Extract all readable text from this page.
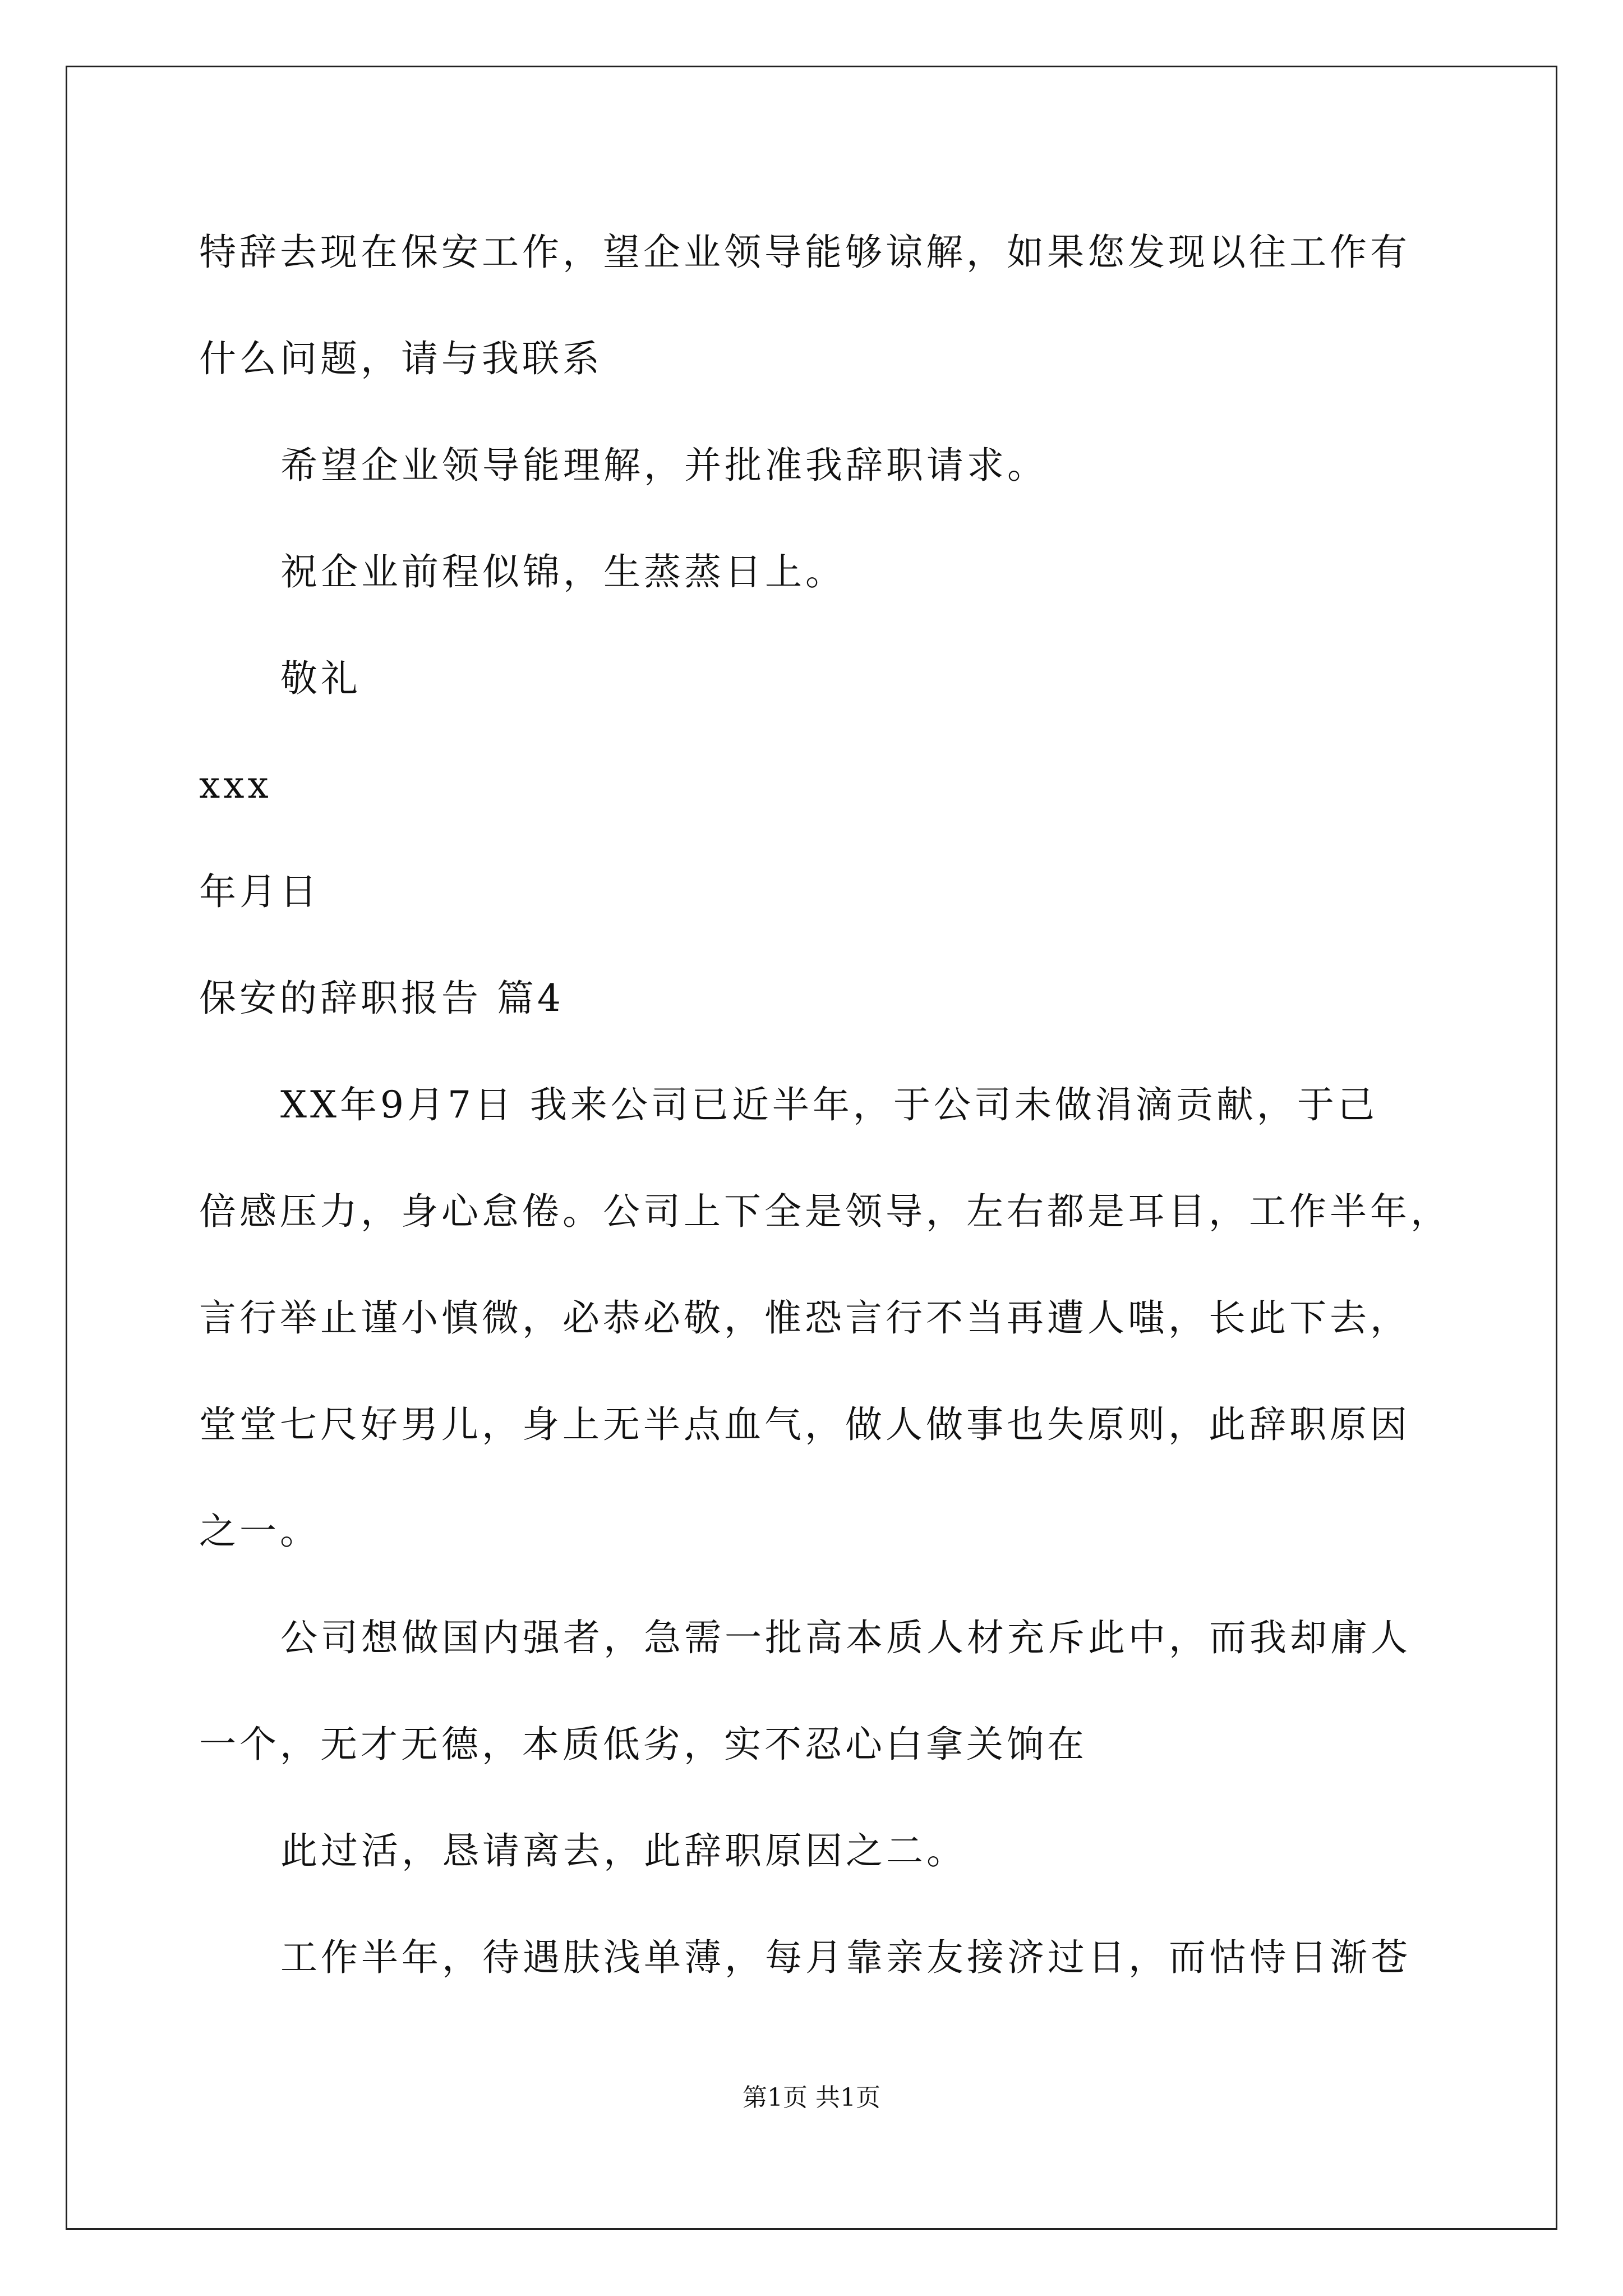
特辞去现在保安工作，望企业领导能够谅解，如果您发现以往工作有
什么问题，请与我联系
希望企业领导能理解，并批准我辞职请求。
祝企业前程似锦，生蒸蒸日上。
敬礼
xxx
年月日
保安的辞职报告 篇4
XX年9月7日 我来公司已近半年，于公司未做涓滴贡献，于己
倍感压力，身心怠倦。公司上下全是领导，左右都是耳目，工作半年，
言行举止谨小慎微，必恭必敬，惟恐言行不当再遭人嗤，长此下去，
堂堂七尺好男儿，身上无半点血气，做人做事也失原则，此辞职原因
之一。
公司想做国内强者，急需一批高本质人材充斥此中，而我却庸人
一个，无才无德，本质低劣，实不忍心白拿关饷在
此过活，恳请离去，此辞职原因之二。
工作半年，待遇肤浅单薄，每月靠亲友接济过日，而怙恃日渐苍
第1页 共1页
